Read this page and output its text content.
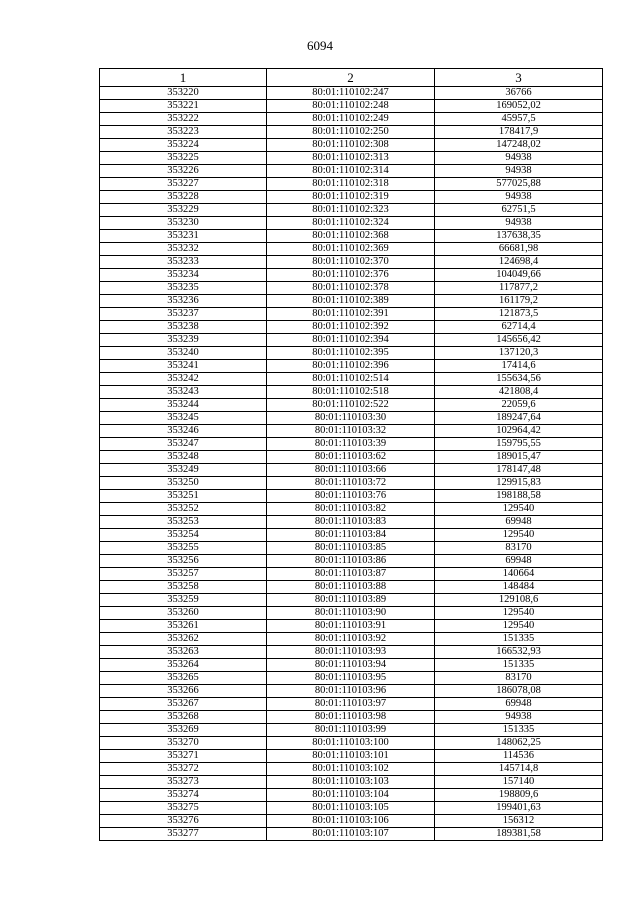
6094
1	2	3
353220	80:01:110102:247	36766
353221	80:01:110102:248	169052,02
353222	80:01:110102:249	45957,5
353223	80:01:110102:250	178417,9
353224	80:01:110102:308	147248,02
353225	80:01:110102:313	94938
353226	80:01:110102:314	94938
353227	80:01:110102:318	577025,88
353228	80:01:110102:319	94938
353229	80:01:110102:323	62751,5
353230	80:01:110102:324	94938
353231	80:01:110102:368	137638,35
353232	80:01:110102:369	66681,98
353233	80:01:110102:370	124698,4
353234	80:01:110102:376	104049,66
353235	80:01:110102:378	117877,2
353236	80:01:110102:389	161179,2
353237	80:01:110102:391	121873,5
353238	80:01:110102:392	62714,4
353239	80:01:110102:394	145656,42
353240	80:01:110102:395	137120,3
353241	80:01:110102:396	17414,6
353242	80:01:110102:514	155634,56
353243	80:01:110102:518	421808,4
353244	80:01:110102:522	22059,6
353245	80:01:110103:30	189247,64
353246	80:01:110103:32	102964,42
353247	80:01:110103:39	159795,55
353248	80:01:110103:62	189015,47
353249	80:01:110103:66	178147,48
353250	80:01:110103:72	129915,83
353251	80:01:110103:76	198188,58
353252	80:01:110103:82	129540
353253	80:01:110103:83	69948
353254	80:01:110103:84	129540
353255	80:01:110103:85	83170
353256	80:01:110103:86	69948
353257	80:01:110103:87	140664
353258	80:01:110103:88	148484
353259	80:01:110103:89	129108,6
353260	80:01:110103:90	129540
353261	80:01:110103:91	129540
353262	80:01:110103:92	151335
353263	80:01:110103:93	166532,93
353264	80:01:110103:94	151335
353265	80:01:110103:95	83170
353266	80:01:110103:96	186078,08
353267	80:01:110103:97	69948
353268	80:01:110103:98	94938
353269	80:01:110103:99	151335
353270	80:01:110103:100	148062,25
353271	80:01:110103:101	114536
353272	80:01:110103:102	145714,8
353273	80:01:110103:103	157140
353274	80:01:110103:104	198809,6
353275	80:01:110103:105	199401,63
353276	80:01:110103:106	156312
353277	80:01:110103:107	189381,58
